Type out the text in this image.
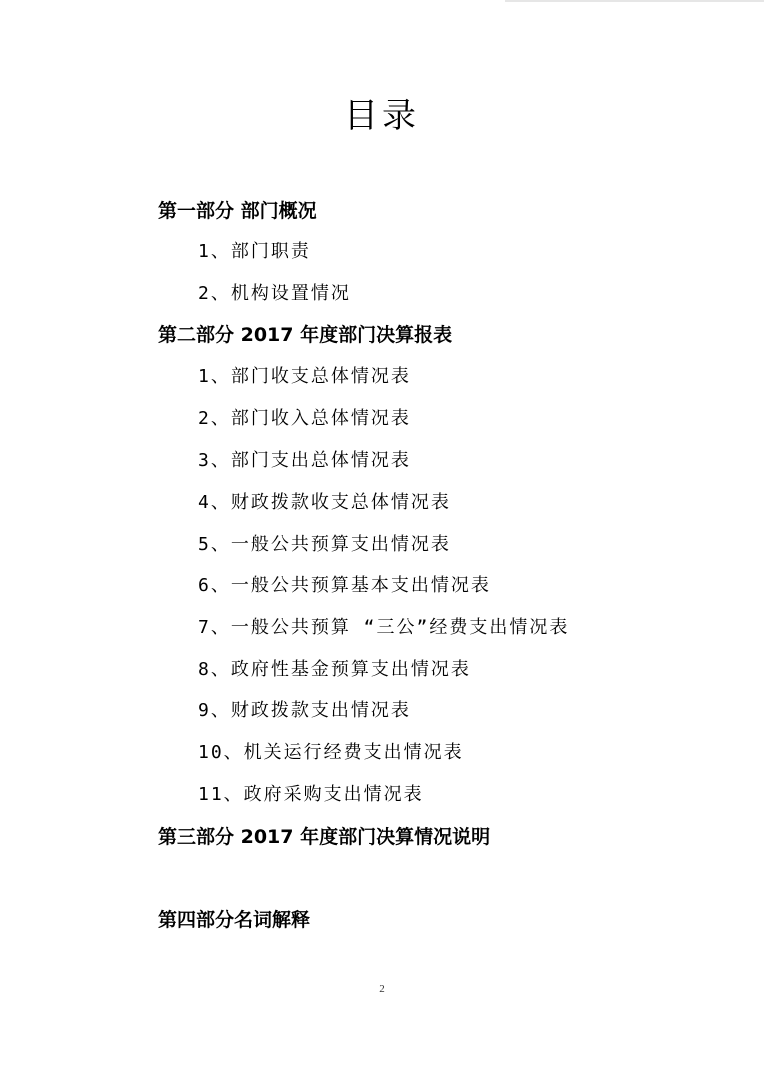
目录
第一部分 部门概况
1、部门职责
2、机构设置情况
第二部分 2017 年度部门决算报表
1、部门收支总体情况表
2、部门收入总体情况表
3、部门支出总体情况表
4、财政拨款收支总体情况表
5、一般公共预算支出情况表
6、一般公共预算基本支出情况表
7、一般公共预算 “三公”经费支出情况表
8、政府性基金预算支出情况表
9、财政拨款支出情况表
10、机关运行经费支出情况表
11、政府采购支出情况表
第三部分 2017 年度部门决算情况说明
第四部分名词解释
2
